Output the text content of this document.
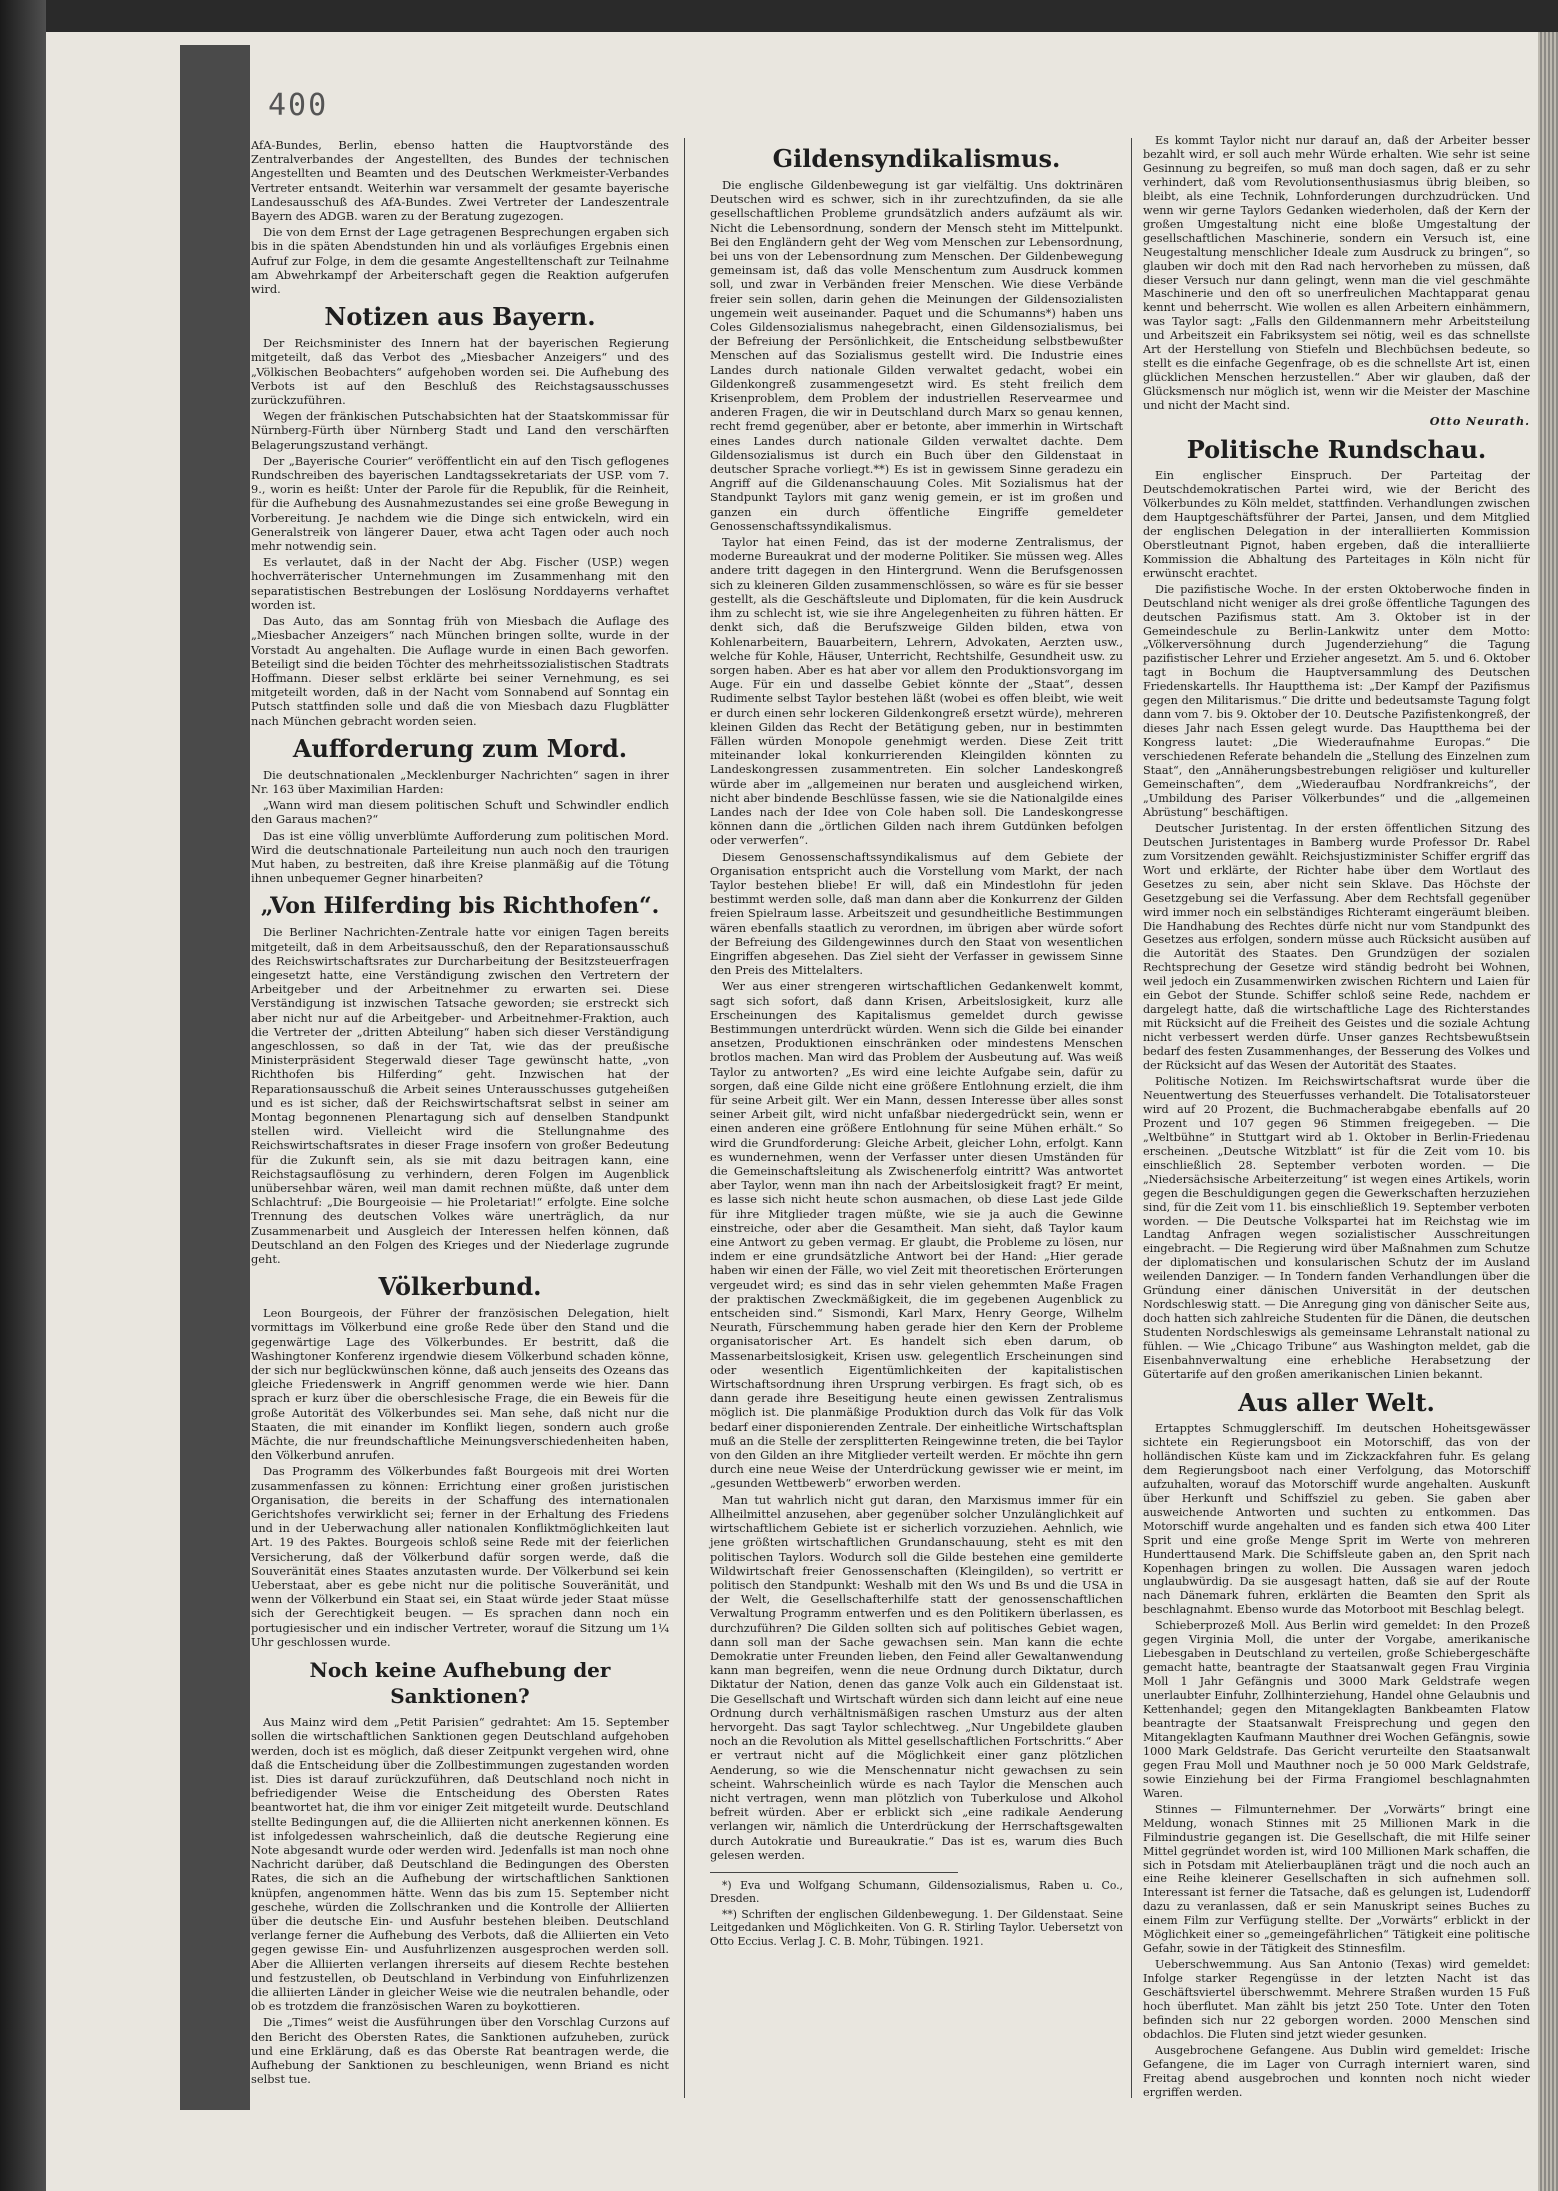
400

AfA-Bundes, Berlin, ebenso hatten die Hauptvorstände des Zentralverbandes der Angestellten, des Bundes der technischen Angestellten und Beamten und des Deutschen Werkmeister-Verbandes Vertreter entsandt. Weiterhin war versammelt der gesamte bayerische Landesausschuß des AfA-Bundes. Zwei Vertreter der Landeszentrale Bayern des ADGB. waren zu der Beratung zugezogen.

Die von dem Ernst der Lage getragenen Besprechungen ergaben sich bis in die späten Abendstunden hin und als vorläufiges Ergebnis einen Aufruf zur Folge, in dem die gesamte Angestelltenschaft zur Teilnahme am Abwehrkampf der Arbeiterschaft gegen die Reaktion aufgerufen wird.

Notizen aus Bayern.

Der Reichsminister des Innern hat der bayerischen Regierung mitgeteilt, daß das Verbot des „Miesbacher Anzeigers“ und des „Völkischen Beobachters“ aufgehoben worden sei. Die Aufhebung des Verbots ist auf den Beschluß des Reichstagsausschusses zurückzuführen.

Wegen der fränkischen Putschabsichten hat der Staatskommissar für Nürnberg-Fürth über Nürnberg Stadt und Land den verschärften Belagerungszustand verhängt.

Der „Bayerische Courier“ veröffentlicht ein auf den Tisch geflogenes Rundschreiben des bayerischen Landtagssekretariats der USP. vom 7. 9., worin es heißt: Unter der Parole für die Republik, für die Reinheit, für die Aufhebung des Ausnahmezustandes sei eine große Bewegung in Vorbereitung. Je nachdem wie die Dinge sich entwickeln, wird ein Generalstreik von längerer Dauer, etwa acht Tagen oder auch noch mehr notwendig sein.

Es verlautet, daß in der Nacht der Abg. Fischer (USP.) wegen hochverräterischer Unternehmungen im Zusammenhang mit den separatistischen Bestrebungen der Loslösung Norddayerns verhaftet worden ist.

Das Auto, das am Sonntag früh von Miesbach die Auflage des „Miesbacher Anzeigers“ nach München bringen sollte, wurde in der Vorstadt Au angehalten. Die Auflage wurde in einen Bach geworfen. Beteiligt sind die beiden Töchter des mehrheitssozialistischen Stadtrats Hoffmann. Dieser selbst erklärte bei seiner Vernehmung, es sei mitgeteilt worden, daß in der Nacht vom Sonnabend auf Sonntag ein Putsch stattfinden solle und daß die von Miesbach dazu Flugblätter nach München gebracht worden seien.

Aufforderung zum Mord.

Die deutschnationalen „Mecklenburger Nachrichten“ sagen in ihrer Nr. 163 über Maximilian Harden:

„Wann wird man diesem politischen Schuft und Schwindler endlich den Garaus machen?“

Das ist eine völlig unverblümte Aufforderung zum politischen Mord. Wird die deutschnationale Parteileitung nun auch noch den traurigen Mut haben, zu bestreiten, daß ihre Kreise planmäßig auf die Tötung ihnen unbequemer Gegner hinarbeiten?

„Von Hilferding bis Richthofen“.

Die Berliner Nachrichten-Zentrale hatte vor einigen Tagen bereits mitgeteilt, daß in dem Arbeitsausschuß, den der Reparationsausschuß des Reichswirtschaftsrates zur Durcharbeitung der Besitzsteuerfragen eingesetzt hatte, eine Verständigung zwischen den Vertretern der Arbeitgeber und der Arbeitnehmer zu erwarten sei. Diese Verständigung ist inzwischen Tatsache geworden; sie erstreckt sich aber nicht nur auf die Arbeitgeber- und Arbeitnehmer-Fraktion, auch die Vertreter der „dritten Abteilung“ haben sich dieser Verständigung angeschlossen, so daß in der Tat, wie das der preußische Ministerpräsident Stegerwald dieser Tage gewünscht hatte, „von Richthofen bis Hilferding“ geht. Inzwischen hat der Reparationsausschuß die Arbeit seines Unterausschusses gutgeheißen und es ist sicher, daß der Reichswirtschaftsrat selbst in seiner am Montag begonnenen Plenartagung sich auf denselben Standpunkt stellen wird. Vielleicht wird die Stellungnahme des Reichswirtschaftsrates in dieser Frage insofern von großer Bedeutung für die Zukunft sein, als sie mit dazu beitragen kann, eine Reichstagsauflösung zu verhindern, deren Folgen im Augenblick unübersehbar wären, weil man damit rechnen müßte, daß unter dem Schlachtruf: „Die Bourgeoisie — hie Proletariat!“ erfolgte. Eine solche Trennung des deutschen Volkes wäre unerträglich, da nur Zusammenarbeit und Ausgleich der Interessen helfen können, daß Deutschland an den Folgen des Krieges und der Niederlage zugrunde geht.

Völkerbund.

Leon Bourgeois, der Führer der französischen Delegation, hielt vormittags im Völkerbund eine große Rede über den Stand und die gegenwärtige Lage des Völkerbundes. Er bestritt, daß die Washingtoner Konferenz irgendwie diesem Völkerbund schaden könne, der sich nur beglückwünschen könne, daß auch jenseits des Ozeans das gleiche Friedenswerk in Angriff genommen werde wie hier. Dann sprach er kurz über die oberschlesische Frage, die ein Beweis für die große Autorität des Völkerbundes sei. Man sehe, daß nicht nur die Staaten, die mit einander im Konflikt liegen, sondern auch große Mächte, die nur freundschaftliche Meinungsverschiedenheiten haben, den Völkerbund anrufen.

Das Programm des Völkerbundes faßt Bourgeois mit drei Worten zusammenfassen zu können: Errichtung einer großen juristischen Organisation, die bereits in der Schaffung des internationalen Gerichtshofes verwirklicht sei; ferner in der Erhaltung des Friedens und in der Ueberwachung aller nationalen Konfliktmöglichkeiten laut Art. 19 des Paktes. Bourgeois schloß seine Rede mit der feierlichen Versicherung, daß der Völkerbund dafür sorgen werde, daß die Souveränität eines Staates anzutasten wurde. Der Völkerbund sei kein Ueberstaat, aber es gebe nicht nur die politische Souveränität, und wenn der Völkerbund ein Staat sei, ein Staat würde jeder Staat müsse sich der Gerechtigkeit beugen. — Es sprachen dann noch ein portugiesischer und ein indischer Vertreter, worauf die Sitzung um 1¼ Uhr geschlossen wurde.

Noch keine Aufhebung der Sanktionen?

Aus Mainz wird dem „Petit Parisien“ gedrahtet: Am 15. September sollen die wirtschaftlichen Sanktionen gegen Deutschland aufgehoben werden, doch ist es möglich, daß dieser Zeitpunkt vergehen wird, ohne daß die Entscheidung über die Zollbestimmungen zugestanden worden ist. Dies ist darauf zurückzuführen, daß Deutschland noch nicht in befriedigender Weise die Entscheidung des Obersten Rates beantwortet hat, die ihm vor einiger Zeit mitgeteilt wurde. Deutschland stellte Bedingungen auf, die die Alliierten nicht anerkennen können. Es ist infolgedessen wahrscheinlich, daß die deutsche Regierung eine Note abgesandt wurde oder werden wird. Jedenfalls ist man noch ohne Nachricht darüber, daß Deutschland die Bedingungen des Obersten Rates, die sich an die Aufhebung der wirtschaftlichen Sanktionen knüpfen, angenommen hätte. Wenn das bis zum 15. September nicht geschehe, würden die Zollschranken und die Kontrolle der Alliierten über die deutsche Ein- und Ausfuhr bestehen bleiben. Deutschland verlange ferner die Aufhebung des Verbots, daß die Alliierten ein Veto gegen gewisse Ein- und Ausfuhrlizenzen ausgesprochen werden soll. Aber die Alliierten verlangen ihrerseits auf diesem Rechte bestehen und festzustellen, ob Deutschland in Verbindung von Einfuhrlizenzen die alliierten Länder in gleicher Weise wie die neutralen behandle, oder ob es trotzdem die französischen Waren zu boykottieren.

Die „Times“ weist die Ausführungen über den Vorschlag Curzons auf den Bericht des Obersten Rates, die Sanktionen aufzuheben, zurück und eine Erklärung, daß es das Oberste Rat beantragen werde, die Aufhebung der Sanktionen zu beschleunigen, wenn Briand es nicht selbst tue.

Gildensyndikalismus.

Die englische Gildenbewegung ist gar vielfältig. Uns doktrinären Deutschen wird es schwer, sich in ihr zurechtzufinden, da sie alle gesellschaftlichen Probleme grundsätzlich anders aufzäumt als wir. Nicht die Lebensordnung, sondern der Mensch steht im Mittelpunkt. Bei den Engländern geht der Weg vom Menschen zur Lebensordnung, bei uns von der Lebensordnung zum Menschen. Der Gildenbewegung gemeinsam ist, daß das volle Menschentum zum Ausdruck kommen soll, und zwar in Verbänden freier Menschen. Wie diese Verbände freier sein sollen, darin gehen die Meinungen der Gildensozialisten ungemein weit auseinander. Paquet und die Schumanns*) haben uns Coles Gildensozialismus nahegebracht, einen Gildensozialismus, bei der Befreiung der Persönlichkeit, die Entscheidung selbstbewußter Menschen auf das Sozialismus gestellt wird. Die Industrie eines Landes durch nationale Gilden verwaltet gedacht, wobei ein Gildenkongreß zusammengesetzt wird. Es steht freilich dem Krisenproblem, dem Problem der industriellen Reservearmee und anderen Fragen, die wir in Deutschland durch Marx so genau kennen, recht fremd gegenüber, aber er betonte, aber immerhin in Wirtschaft eines Landes durch nationale Gilden verwaltet dachte. Dem Gildensozialismus ist durch ein Buch über den Gildenstaat in deutscher Sprache vorliegt.**) Es ist in gewissem Sinne geradezu ein Angriff auf die Gildenanschauung Coles. Mit Sozialismus hat der Standpunkt Taylors mit ganz wenig gemein, er ist im großen und ganzen ein durch öffentliche Eingriffe gemeldeter Genossenschaftssyndikalismus.

Taylor hat einen Feind, das ist der moderne Zentralismus, der moderne Bureaukrat und der moderne Politiker. Sie müssen weg. Alles andere tritt dagegen in den Hintergrund. Wenn die Berufsgenossen sich zu kleineren Gilden zusammenschlössen, so wäre es für sie besser gestellt, als die Geschäftsleute und Diplomaten, für die kein Ausdruck ihm zu schlecht ist, wie sie ihre Angelegenheiten zu führen hätten. Er denkt sich, daß die Berufszweige Gilden bilden, etwa von Kohlenarbeitern, Bauarbeitern, Lehrern, Advokaten, Aerzten usw., welche für Kohle, Häuser, Unterricht, Rechtshilfe, Gesundheit usw. zu sorgen haben. Aber es hat aber vor allem den Produktionsvorgang im Auge. Für ein und dasselbe Gebiet könnte der „Staat“, dessen Rudimente selbst Taylor bestehen läßt (wobei es offen bleibt, wie weit er durch einen sehr lockeren Gildenkongreß ersetzt würde), mehreren kleinen Gilden das Recht der Betätigung geben, nur in bestimmten Fällen würden Monopole genehmigt werden. Diese Zeit tritt miteinander lokal konkurrierenden Kleingilden könnten zu Landeskongressen zusammentreten. Ein solcher Landeskongreß würde aber im „allgemeinen nur beraten und ausgleichend wirken, nicht aber bindende Beschlüsse fassen, wie sie die Nationalgilde eines Landes nach der Idee von Cole haben soll. Die Landeskongresse können dann die „örtlichen Gilden nach ihrem Gutdünken befolgen oder verwerfen“.

Diesem Genossenschaftssyndikalismus auf dem Gebiete der Organisation entspricht auch die Vorstellung vom Markt, der nach Taylor bestehen bliebe! Er will, daß ein Mindestlohn für jeden bestimmt werden solle, daß man dann aber die Konkurrenz der Gilden freien Spielraum lasse. Arbeitszeit und gesundheitliche Bestimmungen wären ebenfalls staatlich zu verordnen, im übrigen aber würde sofort der Befreiung des Gildengewinnes durch den Staat von wesentlichen Eingriffen abgesehen. Das Ziel sieht der Verfasser in gewissem Sinne den Preis des Mittelalters.

Wer aus einer strengeren wirtschaftlichen Gedankenwelt kommt, sagt sich sofort, daß dann Krisen, Arbeitslosigkeit, kurz alle Erscheinungen des Kapitalismus gemeldet durch gewisse Bestimmungen unterdrückt würden. Wenn sich die Gilde bei einander ansetzen, Produktionen einschränken oder mindestens Menschen brotlos machen. Man wird das Problem der Ausbeutung auf. Was weiß Taylor zu antworten? „Es wird eine leichte Aufgabe sein, dafür zu sorgen, daß eine Gilde nicht eine größere Entlohnung erzielt, die ihm für seine Arbeit gilt. Wer ein Mann, dessen Interesse über alles sonst seiner Arbeit gilt, wird nicht unfaßbar niedergedrückt sein, wenn er einen anderen eine größere Entlohnung für seine Mühen erhält.“ So wird die Grundforderung: Gleiche Arbeit, gleicher Lohn, erfolgt. Kann es wundernehmen, wenn der Verfasser unter diesen Umständen für die Gemeinschaftsleitung als Zwischenerfolg eintritt? Was antwortet aber Taylor, wenn man ihn nach der Arbeitslosigkeit fragt? Er meint, es lasse sich nicht heute schon ausmachen, ob diese Last jede Gilde für ihre Mitglieder tragen müßte, wie sie ja auch die Gewinne einstreiche, oder aber die Gesamtheit. Man sieht, daß Taylor kaum eine Antwort zu geben vermag. Er glaubt, die Probleme zu lösen, nur indem er eine grundsätzliche Antwort bei der Hand: „Hier gerade haben wir einen der Fälle, wo viel Zeit mit theoretischen Erörterungen vergeudet wird; es sind das in sehr vielen gehemmten Maße Fragen der praktischen Zweckmäßigkeit, die im gegebenen Augenblick zu entscheiden sind.“ Sismondi, Karl Marx, Henry George, Wilhelm Neurath, Fürschemmung haben gerade hier den Kern der Probleme organisatorischer Art. Es handelt sich eben darum, ob Massenarbeitslosigkeit, Krisen usw. gelegentlich Erscheinungen sind oder wesentlich Eigentümlichkeiten der kapitalistischen Wirtschaftsordnung ihren Ursprung verbirgen. Es fragt sich, ob es dann gerade ihre Beseitigung heute einen gewissen Zentralismus möglich ist. Die planmäßige Produktion durch das Volk für das Volk bedarf einer disponierenden Zentrale. Der einheitliche Wirtschaftsplan muß an die Stelle der zersplitterten Reingewinne treten, die bei Taylor von den Gilden an ihre Mitglieder verteilt werden. Er möchte ihn gern durch eine neue Weise der Unterdrückung gewisser wie er meint, im „gesunden Wettbewerb“ erworben werden.

Man tut wahrlich nicht gut daran, den Marxismus immer für ein Allheilmittel anzusehen, aber gegenüber solcher Unzulänglichkeit auf wirtschaftlichem Gebiete ist er sicherlich vorzuziehen. Aehnlich, wie jene größten wirtschaftlichen Grundanschauung, steht es mit den politischen Taylors. Wodurch soll die Gilde bestehen eine gemilderte Wildwirtschaft freier Genossenschaften (Kleingilden), so vertritt er politisch den Standpunkt: Weshalb mit den Ws und Bs und die USA in der Welt, die Gesellschafterhilfe statt der genossenschaftlichen Verwaltung Programm entwerfen und es den Politikern überlassen, es durchzuführen? Die Gilden sollten sich auf politisches Gebiet wagen, dann soll man der Sache gewachsen sein. Man kann die echte Demokratie unter Freunden lieben, den Feind aller Gewaltanwendung kann man begreifen, wenn die neue Ordnung durch Diktatur, durch Diktatur der Nation, denen das ganze Volk auch ein Gildenstaat ist. Die Gesellschaft und Wirtschaft würden sich dann leicht auf eine neue Ordnung durch verhältnismäßigen raschen Umsturz aus der alten hervorgeht. Das sagt Taylor schlechtweg. „Nur Ungebildete glauben noch an die Revolution als Mittel gesellschaftlichen Fortschritts.“ Aber er vertraut nicht auf die Möglichkeit einer ganz plötzlichen Aenderung, so wie die Menschennatur nicht gewachsen zu sein scheint. Wahrscheinlich würde es nach Taylor die Menschen auch nicht vertragen, wenn man plötzlich von Tuberkulose und Alkohol befreit würden. Aber er erblickt sich „eine radikale Aenderung verlangen wir, nämlich die Unterdrückung der Herrschaftsgewalten durch Autokratie und Bureaukratie.“ Das ist es, warum dies Buch gelesen werden.

*) Eva und Wolfgang Schumann, Gildensozialismus, Raben u. Co., Dresden.

**) Schriften der englischen Gildenbewegung. 1. Der Gildenstaat. Seine Leitgedanken und Möglichkeiten. Von G. R. Stirling Taylor. Uebersetzt von Otto Eccius. Verlag J. C. B. Mohr, Tübingen. 1921.

Es kommt Taylor nicht nur darauf an, daß der Arbeiter besser bezahlt wird, er soll auch mehr Würde erhalten. Wie sehr ist seine Gesinnung zu begreifen, so muß man doch sagen, daß er zu sehr verhindert, daß vom Revolutionsenthusiasmus übrig bleiben, so bleibt, als eine Technik, Lohnforderungen durchzudrücken. Und wenn wir gerne Taylors Gedanken wiederholen, daß der Kern der großen Umgestaltung nicht eine bloße Umgestaltung der gesellschaftlichen Maschinerie, sondern ein Versuch ist, eine Neugestaltung menschlicher Ideale zum Ausdruck zu bringen“, so glauben wir doch mit den Rad nach hervorheben zu müssen, daß dieser Versuch nur dann gelingt, wenn man die viel geschmähte Maschinerie und den oft so unerfreulichen Machtapparat genau kennt und beherrscht. Wie wollen es allen Arbeitern einhämmern, was Taylor sagt: „Falls den Gildenmannern mehr Arbeitsteilung und Arbeitszeit ein Fabriksystem sei nötig, weil es das schnellste Art der Herstellung von Stiefeln und Blechbüchsen bedeute, so stellt es die einfache Gegenfrage, ob es die schnellste Art ist, einen glücklichen Menschen herzustellen.“ Aber wir glauben, daß der Glücksmensch nur möglich ist, wenn wir die Meister der Maschine und nicht der Macht sind.

Otto Neurath.

Politische Rundschau.

Ein englischer Einspruch. Der Parteitag der Deutschdemokratischen Partei wird, wie der Bericht des Völkerbundes zu Köln meldet, stattfinden. Verhandlungen zwischen dem Hauptgeschäftsführer der Partei, Jansen, und dem Mitglied der englischen Delegation in der interalliierten Kommission Oberstleutnant Pignot, haben ergeben, daß die interalliierte Kommission die Abhaltung des Parteitages in Köln nicht für erwünscht erachtet.

Die pazifistische Woche. In der ersten Oktoberwoche finden in Deutschland nicht weniger als drei große öffentliche Tagungen des deutschen Pazifismus statt. Am 3. Oktober ist in der Gemeindeschule zu Berlin-Lankwitz unter dem Motto: „Völkerversöhnung durch Jugenderziehung“ die Tagung pazifistischer Lehrer und Erzieher angesetzt. Am 5. und 6. Oktober tagt in Bochum die Hauptversammlung des Deutschen Friedenskartells. Ihr Hauptthema ist: „Der Kampf der Pazifismus gegen den Militarismus.“ Die dritte und bedeutsamste Tagung folgt dann vom 7. bis 9. Oktober der 10. Deutsche Pazifistenkongreß, der dieses Jahr nach Essen gelegt wurde. Das Hauptthema bei der Kongress lautet: „Die Wiederaufnahme Europas.“ Die verschiedenen Referate behandeln die „Stellung des Einzelnen zum Staat“, den „Annäherungsbestrebungen religiöser und kultureller Gemeinschaften“, dem „Wiederaufbau Nordfrankreichs“, der „Umbildung des Pariser Völkerbundes“ und die „allgemeinen Abrüstung“ beschäftigen.

Deutscher Juristentag. In der ersten öffentlichen Sitzung des Deutschen Juristentages in Bamberg wurde Professor Dr. Rabel zum Vorsitzenden gewählt. Reichsjustizminister Schiffer ergriff das Wort und erklärte, der Richter habe über dem Wortlaut des Gesetzes zu sein, aber nicht sein Sklave. Das Höchste der Gesetzgebung sei die Verfassung. Aber dem Rechtsfall gegenüber wird immer noch ein selbständiges Richteramt eingeräumt bleiben. Die Handhabung des Rechtes dürfe nicht nur vom Standpunkt des Gesetzes aus erfolgen, sondern müsse auch Rücksicht ausüben auf die Autorität des Staates. Den Grundzügen der sozialen Rechtsprechung der Gesetze wird ständig bedroht bei Wohnen, weil jedoch ein Zusammenwirken zwischen Richtern und Laien für ein Gebot der Stunde. Schiffer schloß seine Rede, nachdem er dargelegt hatte, daß die wirtschaftliche Lage des Richterstandes mit Rücksicht auf die Freiheit des Geistes und die soziale Achtung nicht verbessert werden dürfe. Unser ganzes Rechtsbewußtsein bedarf des festen Zusammenhanges, der Besserung des Volkes und der Rücksicht auf das Wesen der Autorität des Staates.

Politische Notizen. Im Reichswirtschaftsrat wurde über die Neuentwertung des Steuerfusses verhandelt. Die Totalisatorsteuer wird auf 20 Prozent, die Buchmacherabgabe ebenfalls auf 20 Prozent und 107 gegen 96 Stimmen freigegeben. — Die „Weltbühne“ in Stuttgart wird ab 1. Oktober in Berlin-Friedenau erscheinen. „Deutsche Witzblatt“ ist für die Zeit vom 10. bis einschließlich 28. September verboten worden. — Die „Niedersächsische Arbeiterzeitung“ ist wegen eines Artikels, worin gegen die Beschuldigungen gegen die Gewerkschaften herzuziehen sind, für die Zeit vom 11. bis einschließlich 19. September verboten worden. — Die Deutsche Volkspartei hat im Reichstag wie im Landtag Anfragen wegen sozialistischer Ausschreitungen eingebracht. — Die Regierung wird über Maßnahmen zum Schutze der diplomatischen und konsularischen Schutz der im Ausland weilenden Danziger. — In Tondern fanden Verhandlungen über die Gründung einer dänischen Universität in der deutschen Nordschleswig statt. — Die Anregung ging von dänischer Seite aus, doch hatten sich zahlreiche Studenten für die Dänen, die deutschen Studenten Nordschleswigs als gemeinsame Lehranstalt national zu fühlen. — Wie „Chicago Tribune“ aus Washington meldet, gab die Eisenbahnverwaltung eine erhebliche Herabsetzung der Gütertarife auf den großen amerikanischen Linien bekannt.

Aus aller Welt.

Ertapptes Schmugglerschiff. Im deutschen Hoheitsgewässer sichtete ein Regierungsboot ein Motorschiff, das von der holländischen Küste kam und im Zickzackfahren fuhr. Es gelang dem Regierungsboot nach einer Verfolgung, das Motorschiff aufzuhalten, worauf das Motorschiff wurde angehalten. Auskunft über Herkunft und Schiffsziel zu geben. Sie gaben aber ausweichende Antworten und suchten zu entkommen. Das Motorschiff wurde angehalten und es fanden sich etwa 400 Liter Sprit und eine große Menge Sprit im Werte von mehreren Hunderttausend Mark. Die Schiffsleute gaben an, den Sprit nach Kopenhagen bringen zu wollen. Die Aussagen waren jedoch unglaubwürdig. Da sie ausgesagt hatten, daß sie auf der Route nach Dänemark fuhren, erklärten die Beamten den Sprit als beschlagnahmt. Ebenso wurde das Motorboot mit Beschlag belegt.

Schieberprozeß Moll. Aus Berlin wird gemeldet: In den Prozeß gegen Virginia Moll, die unter der Vorgabe, amerikanische Liebesgaben in Deutschland zu verteilen, große Schiebergeschäfte gemacht hatte, beantragte der Staatsanwalt gegen Frau Virginia Moll 1 Jahr Gefängnis und 3000 Mark Geldstrafe wegen unerlaubter Einfuhr, Zollhinterziehung, Handel ohne Gelaubnis und Kettenhandel; gegen den Mitangeklagten Bankbeamten Flatow beantragte der Staatsanwalt Freisprechung und gegen den Mitangeklagten Kaufmann Mauthner drei Wochen Gefängnis, sowie 1000 Mark Geldstrafe. Das Gericht verurteilte den Staatsanwalt gegen Frau Moll und Mauthner noch je 50 000 Mark Geldstrafe, sowie Einziehung bei der Firma Frangiomel beschlagnahmten Waren.

Stinnes — Filmunternehmer. Der „Vorwärts“ bringt eine Meldung, wonach Stinnes mit 25 Millionen Mark in die Filmindustrie gegangen ist. Die Gesellschaft, die mit Hilfe seiner Mittel gegründet worden ist, wird 100 Millionen Mark schaffen, die sich in Potsdam mit Atelierbauplänen trägt und die noch auch an eine Reihe kleinerer Gesellschaften in sich aufnehmen soll. Interessant ist ferner die Tatsache, daß es gelungen ist, Ludendorff dazu zu veranlassen, daß er sein Manuskript seines Buches zu einem Film zur Verfügung stellte. Der „Vorwärts“ erblickt in der Möglichkeit einer so „gemeingefährlichen“ Tätigkeit eine politische Gefahr, sowie in der Tätigkeit des Stinnesfilm.

Ueberschwemmung. Aus San Antonio (Texas) wird gemeldet: Infolge starker Regengüsse in der letzten Nacht ist das Geschäftsviertel überschwemmt. Mehrere Straßen wurden 15 Fuß hoch überflutet. Man zählt bis jetzt 250 Tote. Unter den Toten befinden sich nur 22 geborgen worden. 2000 Menschen sind obdachlos. Die Fluten sind jetzt wieder gesunken.

Ausgebrochene Gefangene. Aus Dublin wird gemeldet: Irische Gefangene, die im Lager von Curragh interniert waren, sind Freitag abend ausgebrochen und konnten noch nicht wieder ergriffen werden.
